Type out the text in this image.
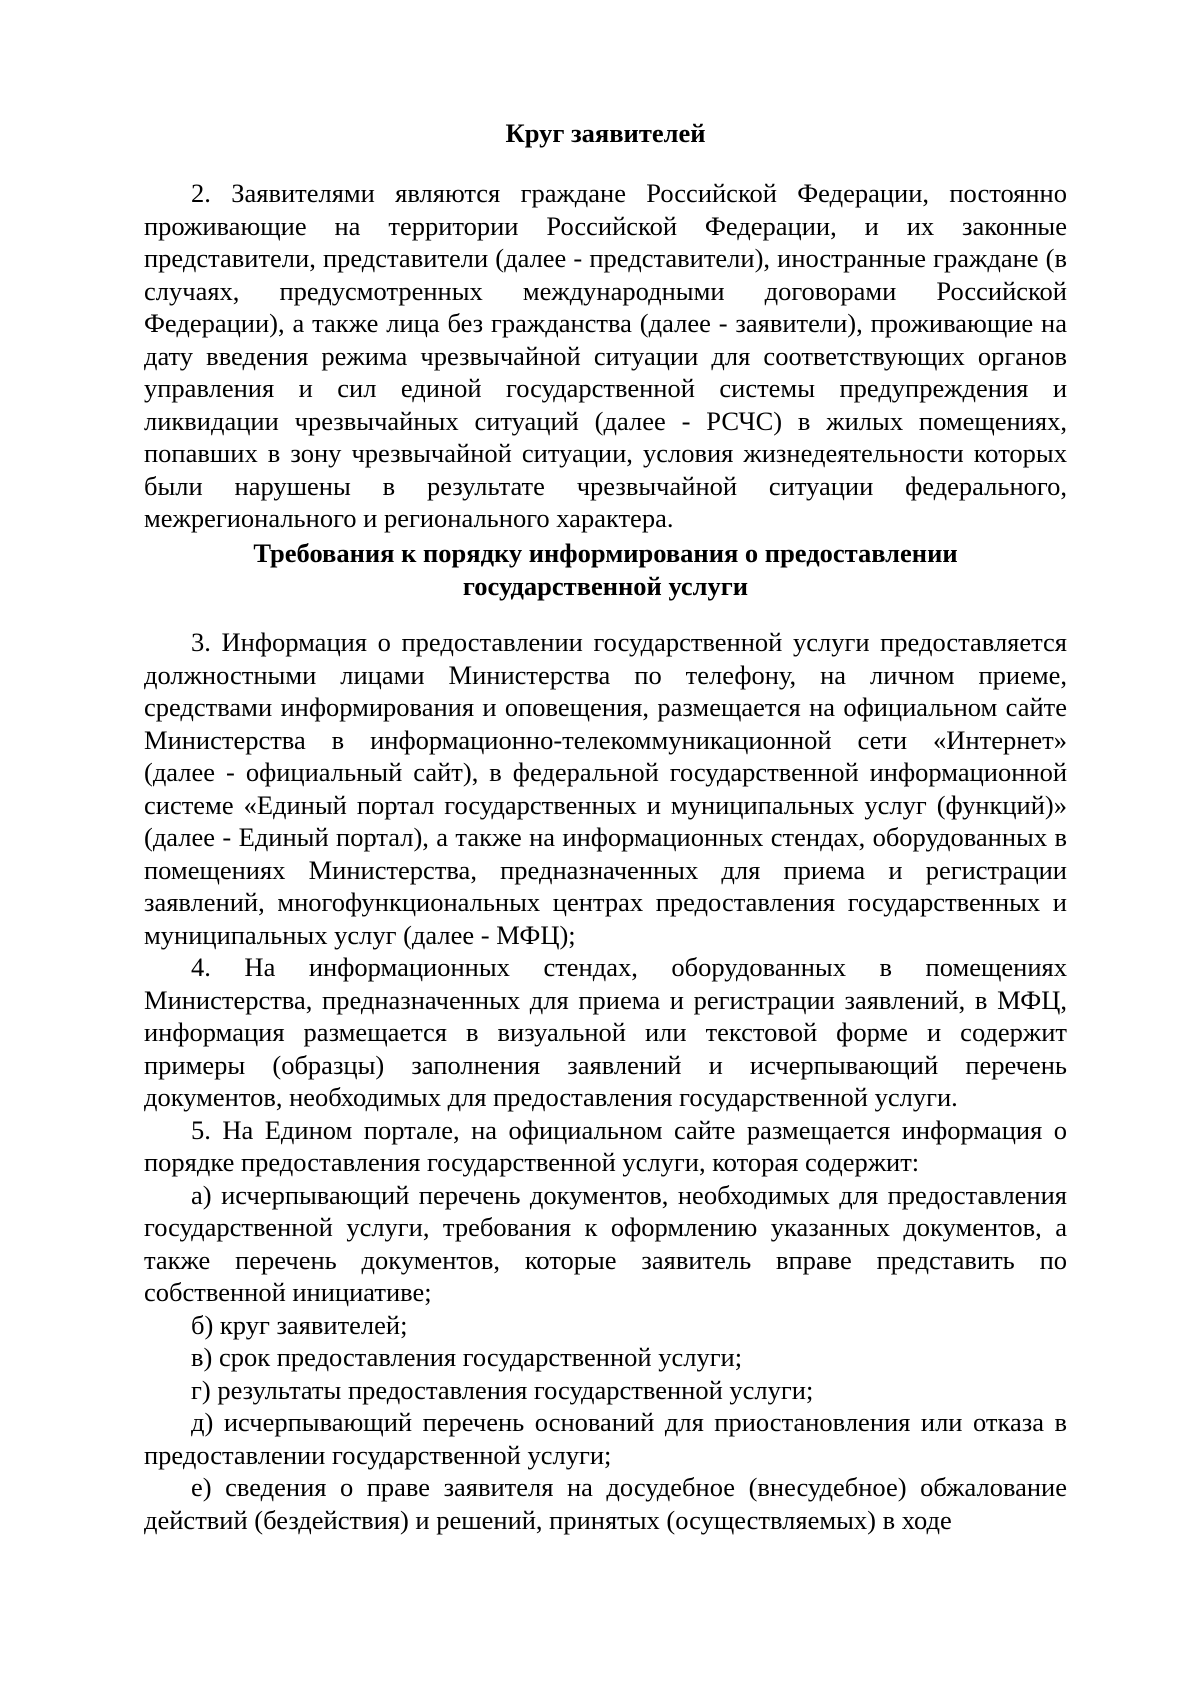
Круг заявителей

2. Заявителями являются граждане Российской Федерации, постоянно проживающие на территории Российской Федерации, и их законные представители, представители (далее - представители), иностранные граждане (в случаях, предусмотренных международными договорами Российской Федерации), а также лица без гражданства (далее - заявители), проживающие на дату введения режима чрезвычайной ситуации для соответствующих органов управления и сил единой государственной системы предупреждения и ликвидации чрезвычайных ситуаций (далее - РСЧС) в жилых помещениях, попавших в зону чрезвычайной ситуации, условия жизнедеятельности которых были нарушены в результате чрезвычайной ситуации федерального, межрегионального и регионального характера.

Требования к порядку информирования о предоставлении
государственной услуги

3. Информация о предоставлении государственной услуги предоставляется должностными лицами Министерства по телефону, на личном приеме, средствами информирования и оповещения, размещается на официальном сайте Министерства в информационно-телекоммуникационной сети «Интернет» (далее - официальный сайт), в федеральной государственной информационной системе «Единый портал государственных и муниципальных услуг (функций)» (далее - Единый портал), а также на информационных стендах, оборудованных в помещениях Министерства, предназначенных для приема и регистрации заявлений, многофункциональных центрах предоставления государственных и муниципальных услуг (далее - МФЦ);

4. На информационных стендах, оборудованных в помещениях Министерства, предназначенных для приема и регистрации заявлений, в МФЦ, информация размещается в визуальной или текстовой форме и содержит примеры (образцы) заполнения заявлений и исчерпывающий перечень документов, необходимых для предоставления государственной услуги.

5. На Едином портале, на официальном сайте размещается информация о порядке предоставления государственной услуги, которая содержит:

а) исчерпывающий перечень документов, необходимых для предоставления государственной услуги, требования к оформлению указанных документов, а также перечень документов, которые заявитель вправе представить по собственной инициативе;

б) круг заявителей;

в) срок предоставления государственной услуги;

г) результаты предоставления государственной услуги;

д) исчерпывающий перечень оснований для приостановления или отказа в предоставлении государственной услуги;

е) сведения о праве заявителя на досудебное (внесудебное) обжалование действий (бездействия) и решений, принятых (осуществляемых) в ходе
